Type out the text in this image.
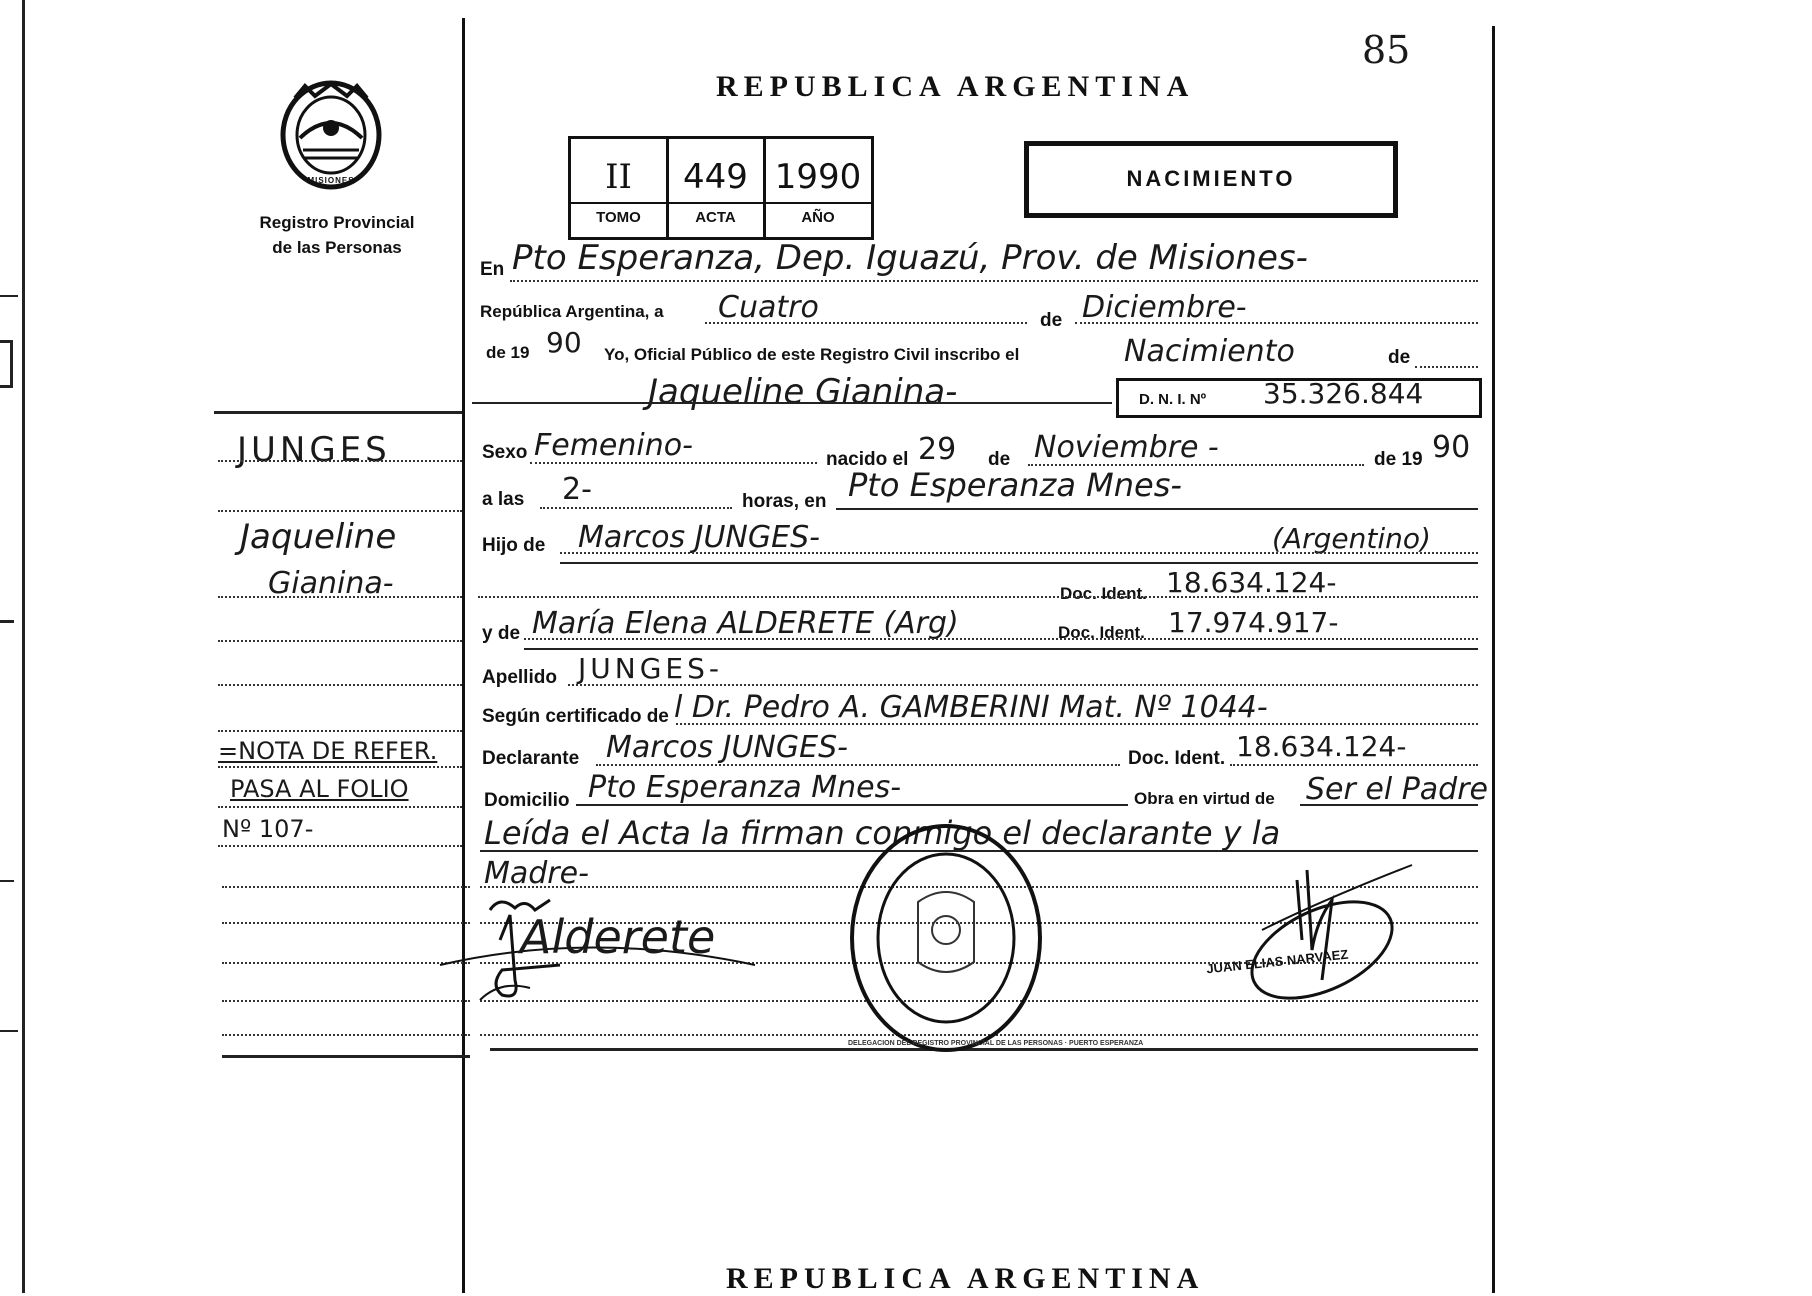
85
MISIONES
Registro Provincial
de las Personas
REPUBLICA ARGENTINA
II	449 1990
TOMO	ACTA	AÑO
NACIMIENTO
JUNGES
Jaqueline
Gianina-
=NOTA DE REFER.
PASA AL FOLIO
Nº 107-
En Pto Esperanza, Dep. Iguazú, Prov. de Misiones-
República Argentina, a Cuatro	de Diciembre-
de 19 90 Yo, Oficial Público de este Registro Civil inscribo el	Nacimiento	de
Jaqueline Gianina-	D. N. I. Nº 35.326.844
Sexo Femenino-	nacido el 29 de Noviembre -	de 19 90
a las 2-	horas, en Pto Esperanza Mnes-
Hijo de Marcos JUNGES-	(Argentino)
Doc. Ident. 18.634.124-
y de María Elena ALDERETE (Arg)	Doc. Ident. 17.974.917-
Apellido JUNGES-
Según certificado de l Dr. Pedro A. GAMBERINI Mat. Nº 1044-
Declarante Marcos JUNGES-	Doc. Ident. 18.634.124-
Domicilio Pto Esperanza Mnes-	Obra en virtud de Ser el Padre
Leída el Acta la firman conmigo el declarante y la
Madre-
Alderete
DELEGACION DEL REGISTRO PROVINCIAL DE LAS PERSONAS · PUERTO ESPERANZA
JUAN ELIAS NARVAEZ
REPUBLICA ARGENTINA
